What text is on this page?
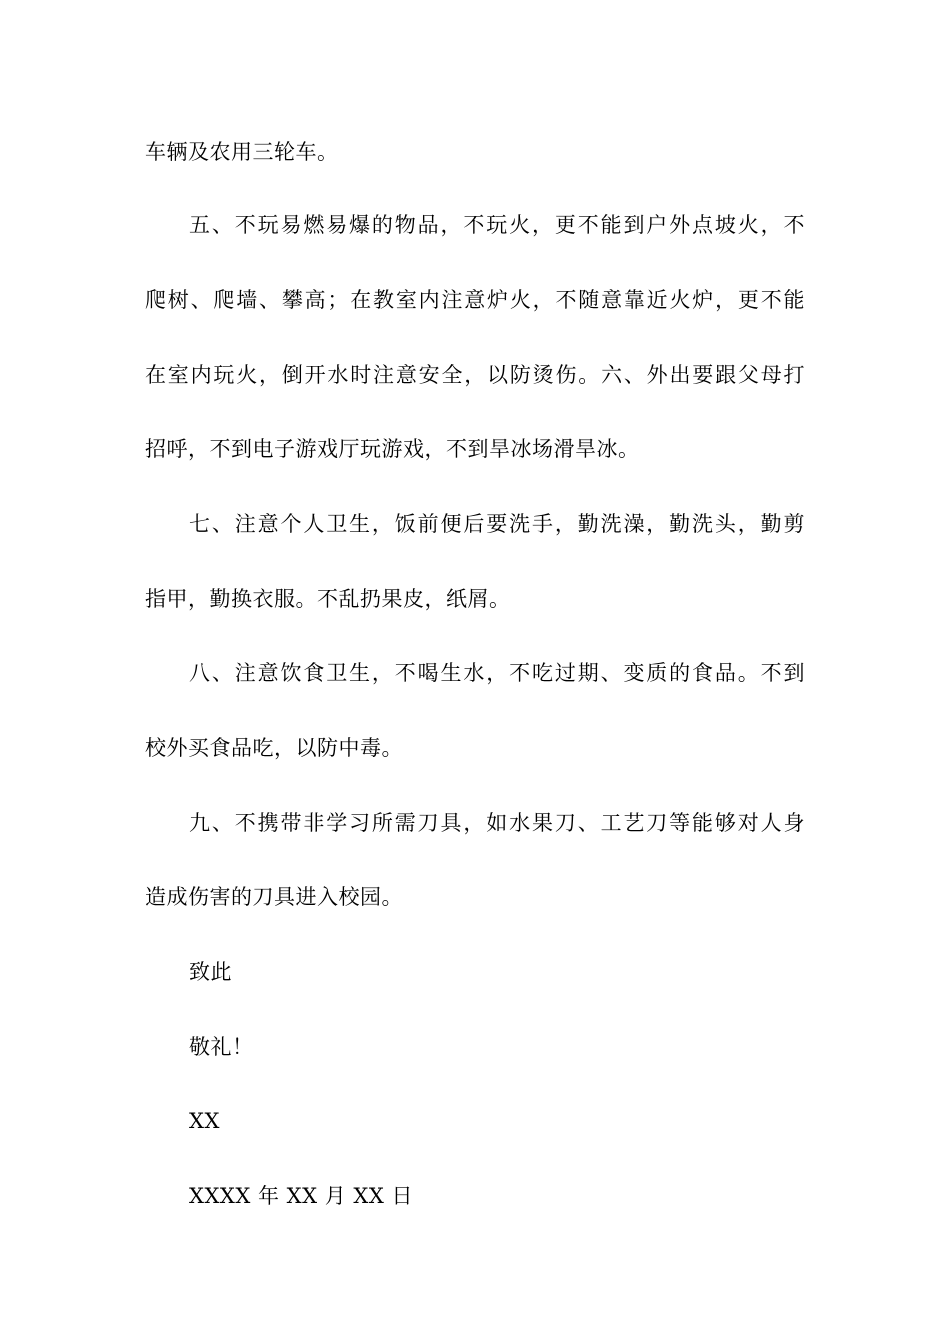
车辆及农用三轮车。
五、不玩易燃易爆的物品，不玩火，更不能到户外点坡火，不
爬树、爬墙、攀高；在教室内注意炉火，不随意靠近火炉，更不能
在室内玩火，倒开水时注意安全，以防烫伤。六、外出要跟父母打
招呼，不到电子游戏厅玩游戏，不到旱冰场滑旱冰。
七、注意个人卫生，饭前便后要洗手，勤洗澡，勤洗头，勤剪
指甲，勤换衣服。不乱扔果皮，纸屑。
八、注意饮食卫生，不喝生水，不吃过期、变质的食品。不到
校外买食品吃，以防中毒。
九、不携带非学习所需刀具，如水果刀、工艺刀等能够对人身
造成伤害的刀具进入校园。
致此
敬礼！
XX
XXXX 年 XX 月 XX 日
